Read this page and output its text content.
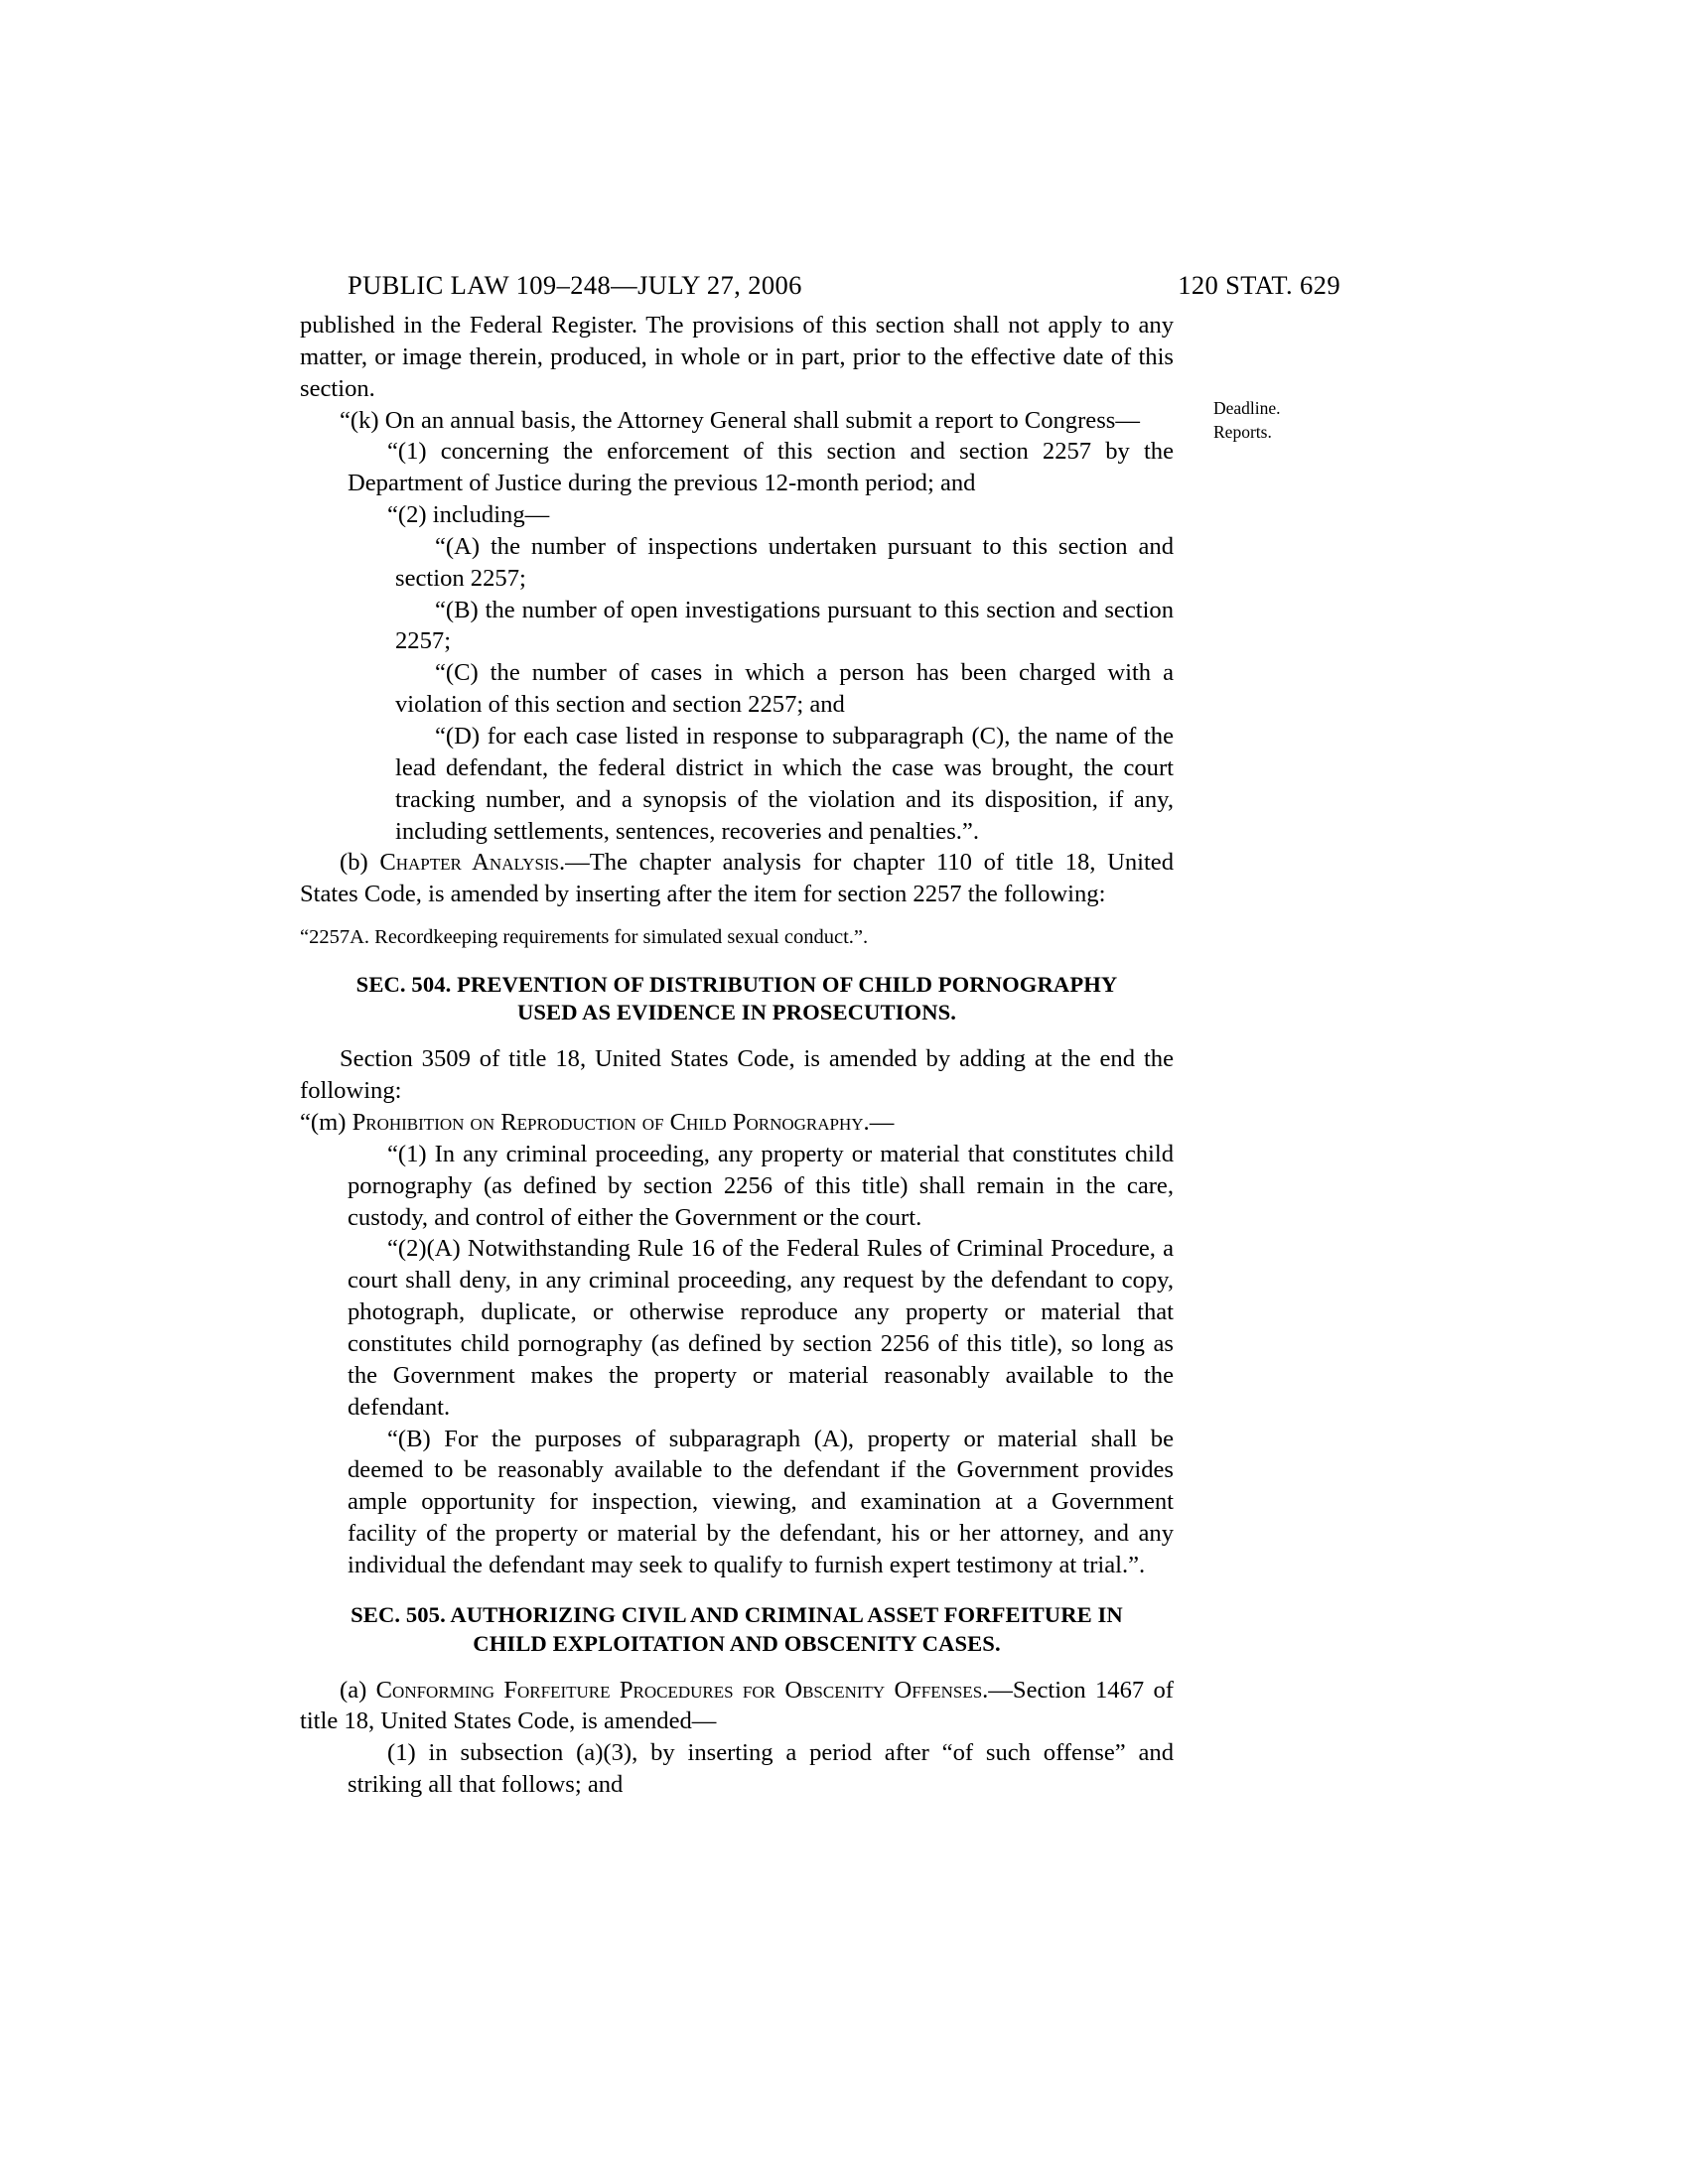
PUBLIC LAW 109–248—JULY 27, 2006	120 STAT. 629
Deadline.
Reports.

published in the Federal Register. The provisions of this section shall not apply to any matter, or image therein, produced, in whole or in part, prior to the effective date of this section.

“(k) On an annual basis, the Attorney General shall submit a report to Congress—

“(1) concerning the enforcement of this section and section 2257 by the Department of Justice during the previous 12-month period; and

“(2) including—

“(A) the number of inspections undertaken pursuant to this section and section 2257;

“(B) the number of open investigations pursuant to this section and section 2257;

“(C) the number of cases in which a person has been charged with a violation of this section and section 2257; and

“(D) for each case listed in response to subparagraph (C), the name of the lead defendant, the federal district in which the case was brought, the court tracking number, and a synopsis of the violation and its disposition, if any, including settlements, sentences, recoveries and penalties.”.

(b) Chapter Analysis.—The chapter analysis for chapter 110 of title 18, United States Code, is amended by inserting after the item for section 2257 the following:

“2257A. Recordkeeping requirements for simulated sexual conduct.”.

SEC. 504. PREVENTION OF DISTRIBUTION OF CHILD PORNOGRAPHY
USED AS EVIDENCE IN PROSECUTIONS.

Section 3509 of title 18, United States Code, is amended by adding at the end the following:

“(m) Prohibition on Reproduction of Child Pornography.—

“(1) In any criminal proceeding, any property or material that constitutes child pornography (as defined by section 2256 of this title) shall remain in the care, custody, and control of either the Government or the court.

“(2)(A) Notwithstanding Rule 16 of the Federal Rules of Criminal Procedure, a court shall deny, in any criminal proceeding, any request by the defendant to copy, photograph, duplicate, or otherwise reproduce any property or material that constitutes child pornography (as defined by section 2256 of this title), so long as the Government makes the property or material reasonably available to the defendant.

“(B) For the purposes of subparagraph (A), property or material shall be deemed to be reasonably available to the defendant if the Government provides ample opportunity for inspection, viewing, and examination at a Government facility of the property or material by the defendant, his or her attorney, and any individual the defendant may seek to qualify to furnish expert testimony at trial.”.

SEC. 505. AUTHORIZING CIVIL AND CRIMINAL ASSET FORFEITURE IN
CHILD EXPLOITATION AND OBSCENITY CASES.

(a) Conforming Forfeiture Procedures for Obscenity Offenses.—Section 1467 of title 18, United States Code, is amended—

(1) in subsection (a)(3), by inserting a period after “of such offense” and striking all that follows; and
